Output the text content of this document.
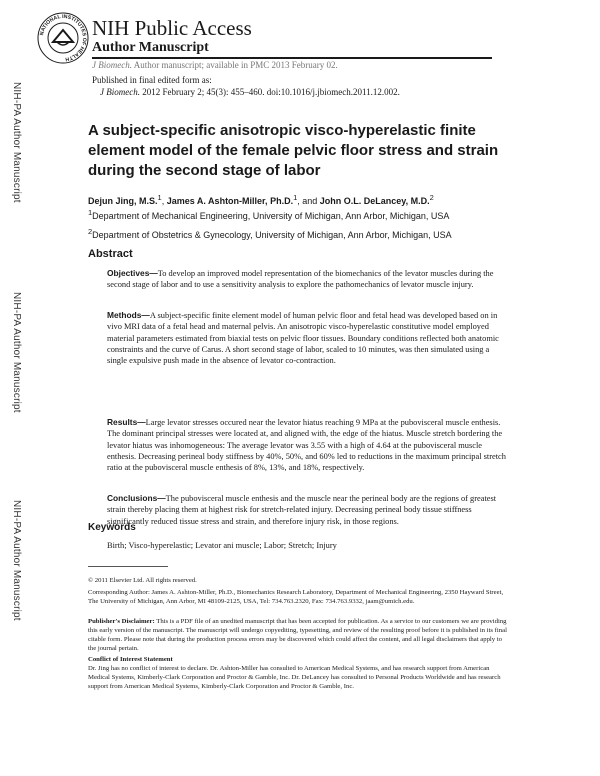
NATIONAL INSTITUTES OF HEALTH
NIH Public Access
Author Manuscript
J Biomech. Author manuscript; available in PMC 2013 February 02.
Published in final edited form as:
J Biomech. 2012 February 2; 45(3): 455–460. doi:10.1016/j.jbiomech.2011.12.002.
NIH-PA Author Manuscript
NIH-PA Author Manuscript
NIH-PA Author Manuscript
A subject-specific anisotropic visco-hyperelastic finite element model of the female pelvic floor stress and strain during the second stage of labor
Dejun Jing, M.S.$^1$, James A. Ashton-Miller, Ph.D.$^1$, and John O.L. DeLancey, M.D.$^2$
$^1$Department of Mechanical Engineering, University of Michigan, Ann Arbor, Michigan, USA
$^2$Department of Obstetrics & Gynecology, University of Michigan, Ann Arbor, Michigan, USA
Abstract
Objectives—To develop an improved model representation of the biomechanics of the levator muscles during the second stage of labor and to use a sensitivity analysis to explore the pathomechanics of levator muscle injury.
Methods—A subject-specific finite element model of human pelvic floor and fetal head was developed based on in vivo MRI data of a fetal head and maternal pelvis. An anisotropic visco-hyperelastic constitutive model employed material parameters estimated from biaxial tests on pelvic floor tissues. Boundary conditions reflected both anatomic constraints and the curve of Carus. A short second stage of labor, scaled to 10 minutes, was then simulated using a single expulsive push made in the absence of levator co-contraction.
Results—Large levator stresses occured near the levator hiatus reaching 9 MPa at the pubovisceral muscle enthesis. The dominant principal stresses were located at, and aligned with, the edge of the hiatus. Muscle stretch bordering the levator hiatus was inhomogeneous: The average levator was 3.55 with a high of 4.64 at the pubovisceral muscle enthesis. Decreasing perineal body stiffness by 40%, 50%, and 60% led to reductions in the maximum principal stretch ratio at the pubovisceral muscle enthesis of 8%, 13%, and 18%, respectively.
Conclusions—The pubovisceral muscle enthesis and the muscle near the perineal body are the regions of greatest strain thereby placing them at highest risk for stretch-related injury. Decreasing perineal body tissue stiffness significantly reduced tissue stress and strain, and therefore injury risk, in those regions.
Keywords
Birth; Visco-hyperelastic; Levator ani muscle; Labor; Stretch; Injury
© 2011 Elsevier Ltd. All rights reserved.
Corresponding Author: James A. Ashton-Miller, Ph.D., Biomechanics Research Laboratory, Department of Mechanical Engineering, 2350 Hayward Street, The University of Michigan, Ann Arbor, MI 48109-2125, USA, Tel: 734.763.2320, Fax: 734.763.9332, jaam@umich.edu.
Publisher's Disclaimer: This is a PDF file of an unedited manuscript that has been accepted for publication. As a service to our customers we are providing this early version of the manuscript. The manuscript will undergo copyediting, typesetting, and review of the resulting proof before it is published in its final citable form. Please note that during the production process errors may be discovered which could affect the content, and all legal disclaimers that apply to the journal pertain.
Conflict of Interest Statement
Dr. Jing has no conflict of interest to declare. Dr. Ashton-Miller has consulted to American Medical Systems, and has research support from American Medical Systems, Kimberly-Clark Corporation and Proctor & Gamble, Inc. Dr. DeLancey has consulted to Personal Products Worldwide and has research support from American Medical Systems, Kimberly-Clark Corporation and Proctor & Gamble, Inc.
